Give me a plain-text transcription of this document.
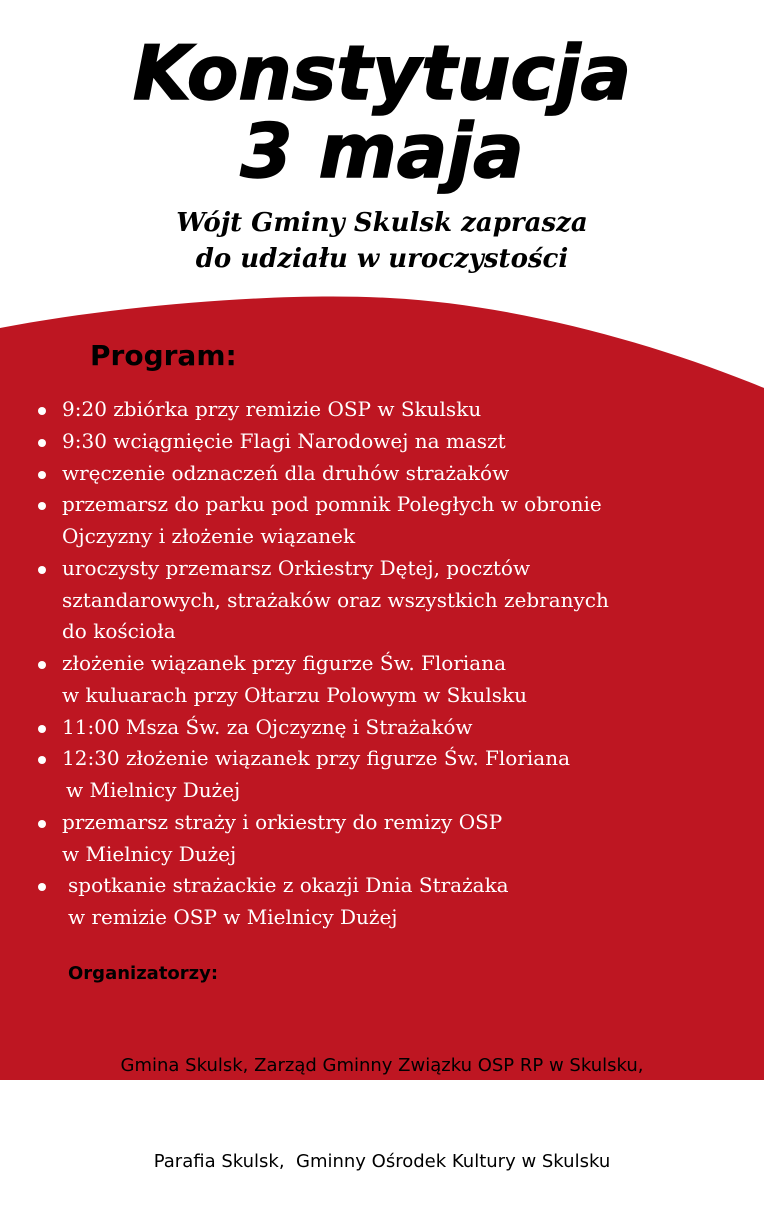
Konstytucja
3 maja
Wójt Gminy Skulsk zaprasza
do udziału w uroczystości
Program:
9:20 zbiórka przy remizie OSP w Skulsku
9:30 wciągnięcie Flagi Narodowej na maszt
wręczenie odznaczeń dla druhów strażaków
przemarsz do parku pod pomnik Poległych w obronie
Ojczyzny i złożenie wiązanek
uroczysty przemarsz Orkiestry Dętej, pocztów
sztandarowych, strażaków oraz wszystkich zebranych
do kościoła
złożenie wiązanek przy figurze Św. Floriana
w kuluarach przy Ołtarzu Polowym w Skulsku
11:00 Msza Św. za Ojczyznę i Strażaków
12:30 złożenie wiązanek przy figurze Św. Floriana
w Mielnicy Dużej
przemarsz straży i orkiestry do remizy OSP
w Mielnicy Dużej
spotkanie strażackie z okazji Dnia Strażaka
w remizie OSP w Mielnicy Dużej
Organizatorzy:

Gmina Skulsk, Zarząd Gminny Związku OSP RP w Skulsku,

Parafia Skulsk,  Gminny Ośrodek Kultury w Skulsku
